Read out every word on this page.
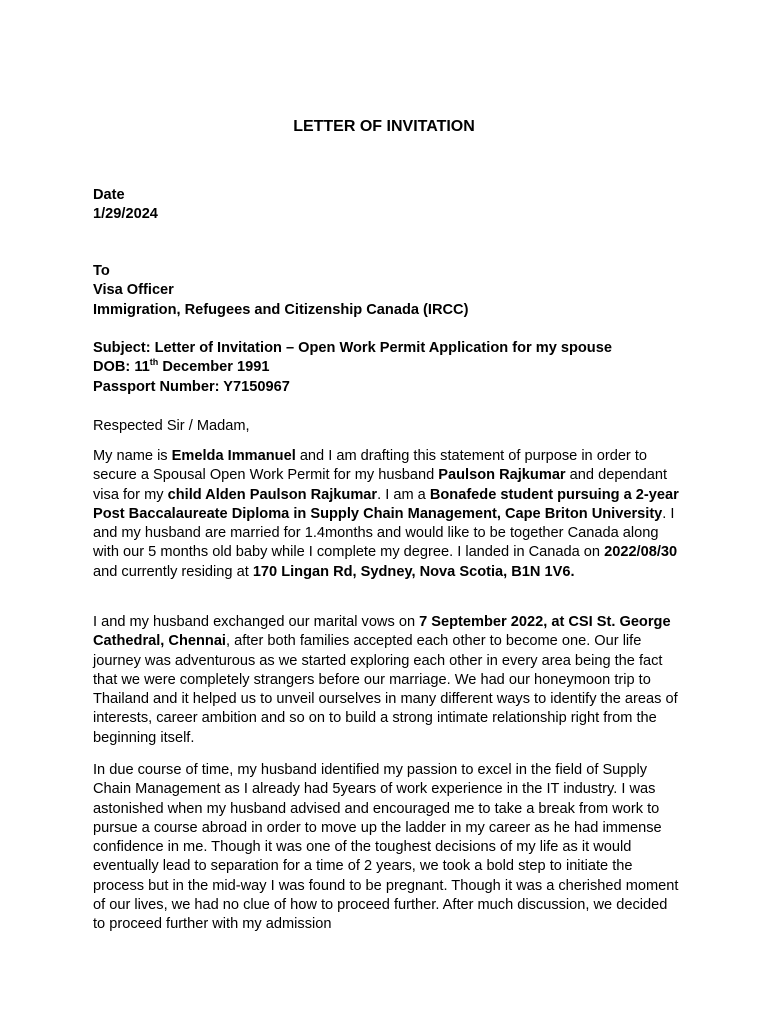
LETTER OF INVITATION
Date
1/29/2024
To
Visa Officer
Immigration, Refugees and Citizenship Canada (IRCC)
Subject: Letter of Invitation – Open Work Permit Application for my spouse
DOB: 11th December 1991
Passport Number: Y7150967
Respected Sir / Madam,

My name is Emelda Immanuel and I am drafting this statement of purpose in order to secure a Spousal Open Work Permit for my husband Paulson Rajkumar and dependant visa for my child Alden Paulson Rajkumar. I am a Bonafede student pursuing a 2-year Post Baccalaureate Diploma in Supply Chain Management, Cape Briton University. I and my husband are married for 1.4months and would like to be together Canada along with our 5 months old baby while I complete my degree. I landed in Canada on 2022/08/30 and currently residing at 170 Lingan Rd, Sydney, Nova Scotia, B1N 1V6.

I and my husband exchanged our marital vows on 7 September 2022, at CSI St. George Cathedral, Chennai, after both families accepted each other to become one. Our life journey was adventurous as we started exploring each other in every area being the fact that we were completely strangers before our marriage. We had our honeymoon trip to Thailand and it helped us to unveil ourselves in many different ways to identify the areas of interests, career ambition and so on to build a strong intimate relationship right from the beginning itself.

In due course of time, my husband identified my passion to excel in the field of Supply Chain Management as I already had 5years of work experience in the IT industry. I was astonished when my husband advised and encouraged me to take a break from work to pursue a course abroad in order to move up the ladder in my career as he had immense confidence in me. Though it was one of the toughest decisions of my life as it would eventually lead to separation for a time of 2 years, we took a bold step to initiate the process but in the mid-way I was found to be pregnant. Though it was a cherished moment of our lives, we had no clue of how to proceed further. After much discussion, we decided to proceed further with my admission
